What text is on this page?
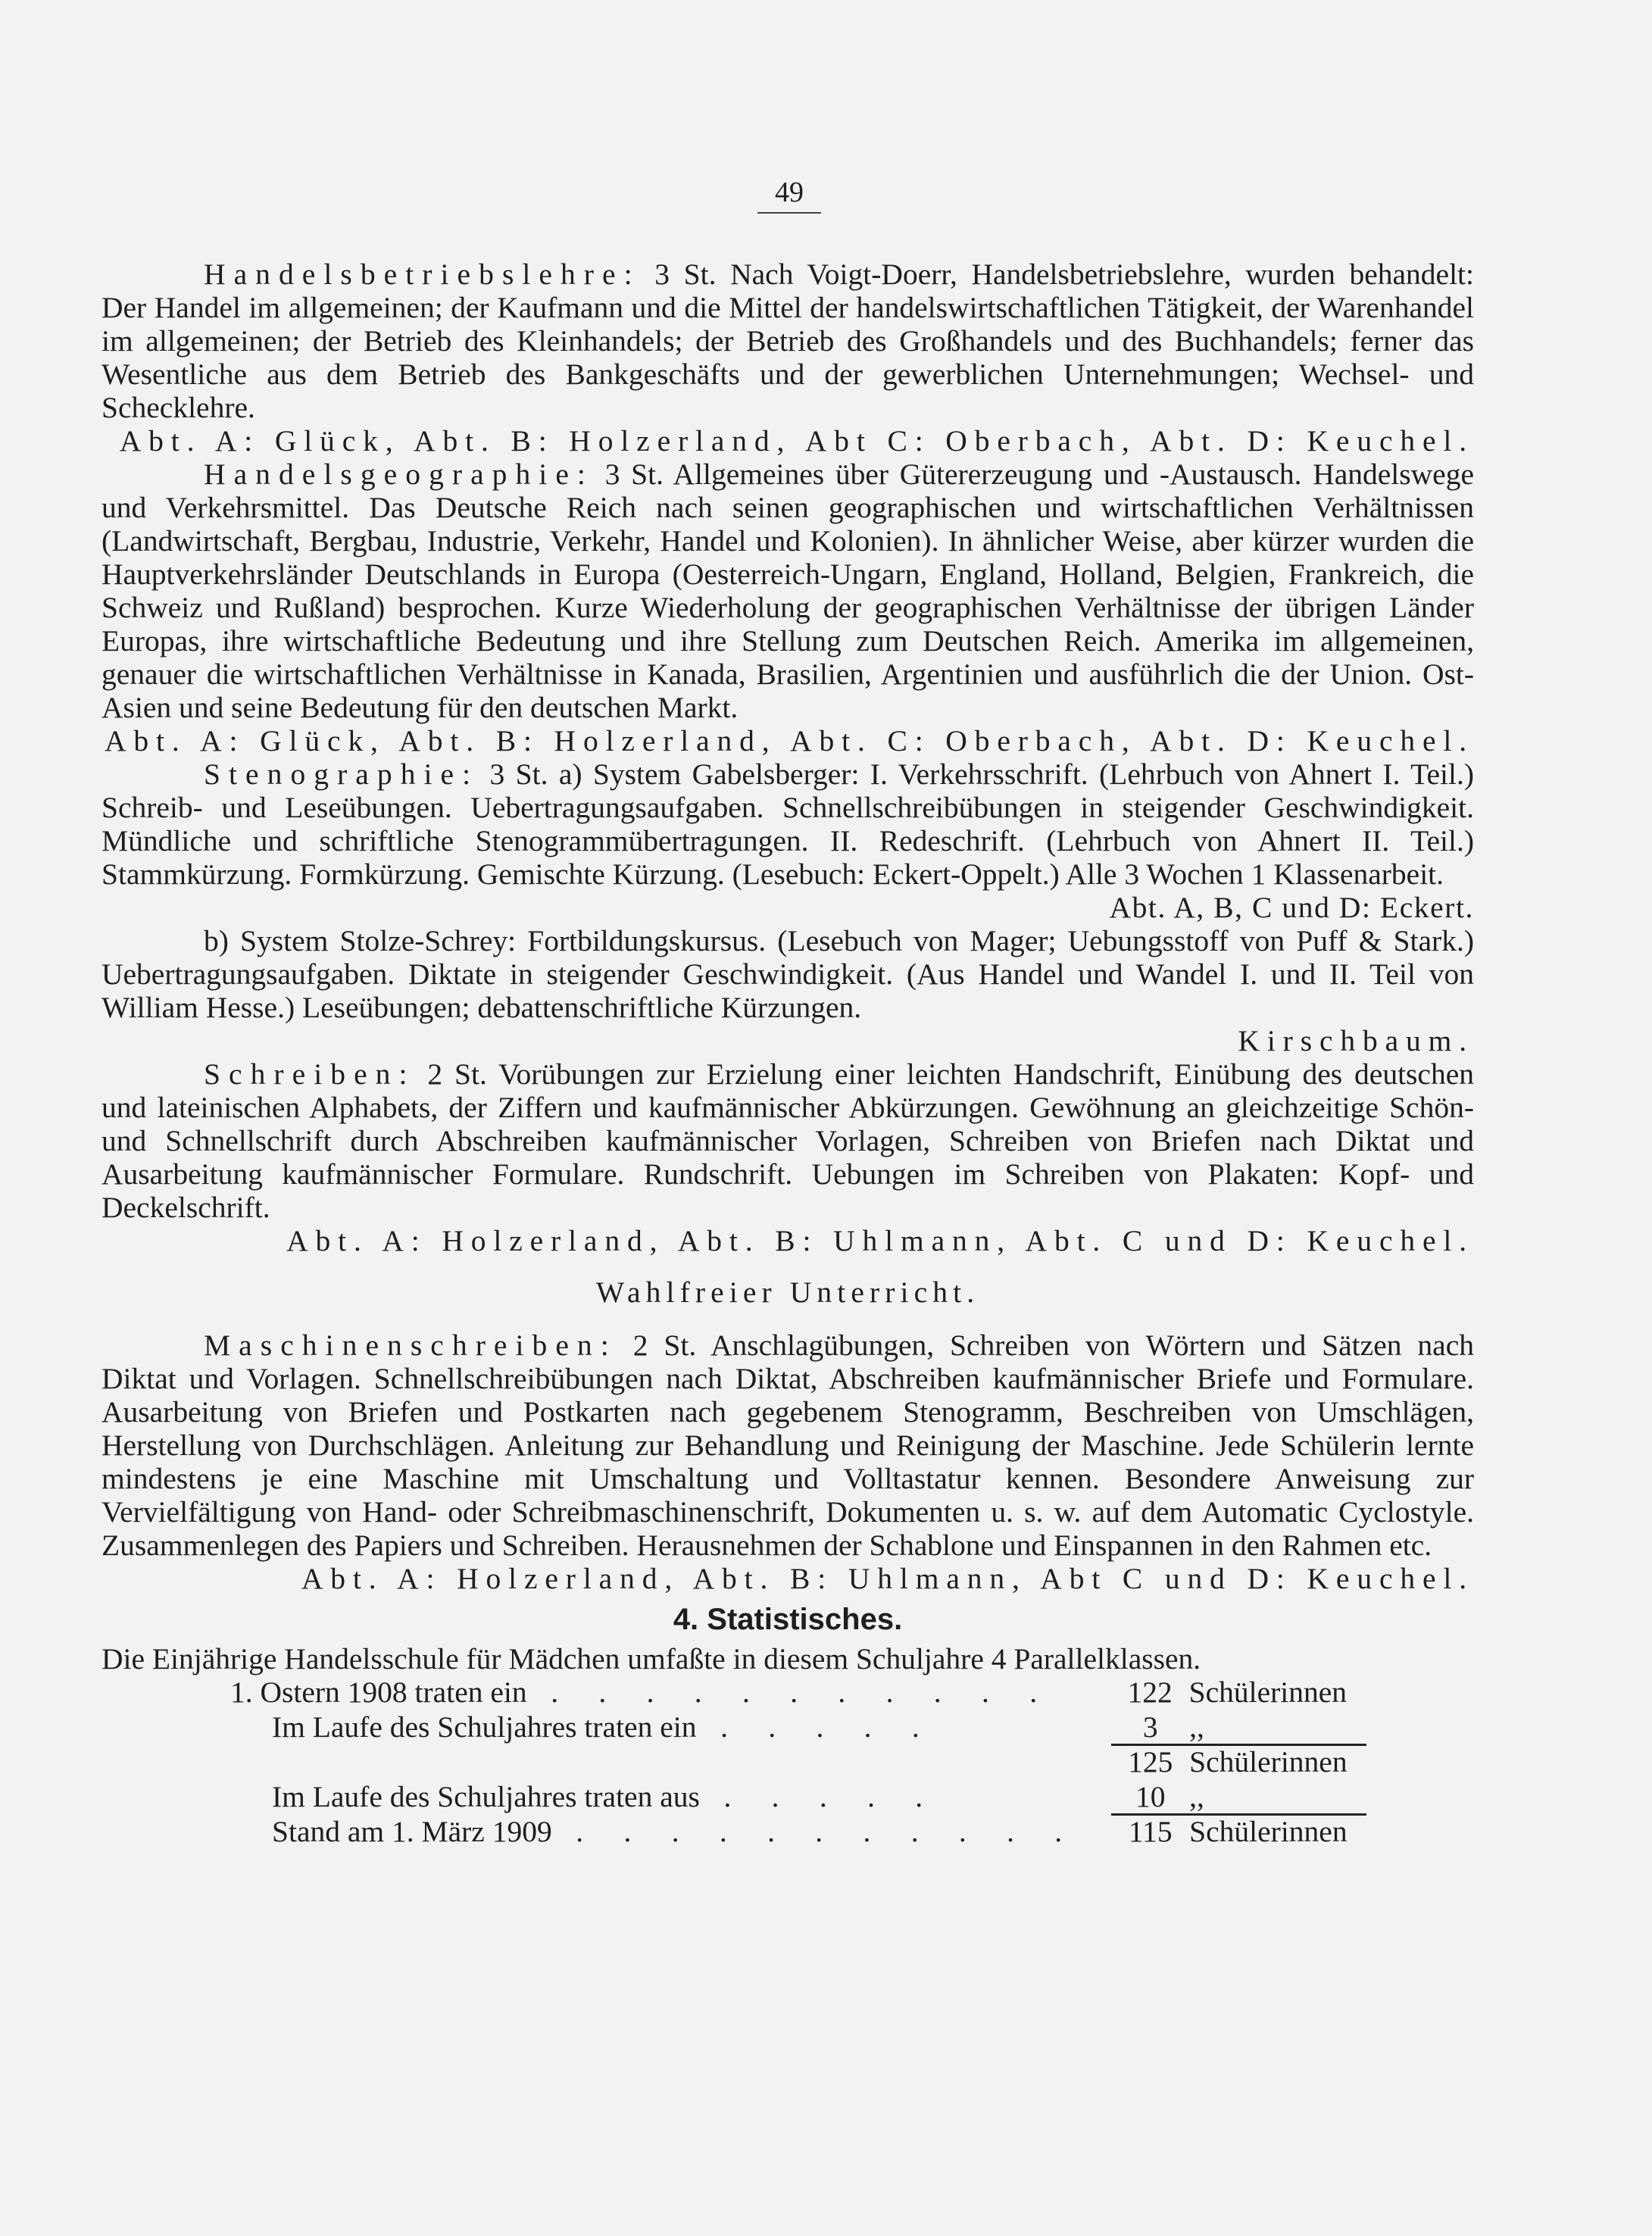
49

Handelsbetriebslehre: 3 St. Nach Voigt-Doerr, Handelsbetriebslehre, wurden behandelt: Der Handel im allgemeinen; der Kaufmann und die Mittel der handelswirtschaftlichen Tätigkeit, der Warenhandel im allgemeinen; der Betrieb des Kleinhandels; der Betrieb des Großhandels und des Buchhandels; ferner das Wesentliche aus dem Betrieb des Bankgeschäfts und der gewerblichen Unternehmungen; Wechsel- und Schecklehre.

Abt. A: Glück, Abt. B: Holzerland, Abt C: Oberbach, Abt. D: Keuchel.

Handelsgeographie: 3 St. Allgemeines über Gütererzeugung und -Austausch. Handelswege und Verkehrsmittel. Das Deutsche Reich nach seinen geographischen und wirtschaftlichen Verhältnissen (Landwirtschaft, Bergbau, Industrie, Verkehr, Handel und Kolonien). In ähnlicher Weise, aber kürzer wurden die Hauptverkehrsländer Deutschlands in Europa (Oesterreich-Ungarn, England, Holland, Belgien, Frankreich, die Schweiz und Rußland) besprochen. Kurze Wiederholung der geographischen Verhältnisse der übrigen Länder Europas, ihre wirtschaftliche Bedeutung und ihre Stellung zum Deutschen Reich. Amerika im allgemeinen, genauer die wirtschaftlichen Verhältnisse in Kanada, Brasilien, Argentinien und ausführlich die der Union. Ost-Asien und seine Bedeutung für den deutschen Markt.

Abt. A: Glück, Abt. B: Holzerland, Abt. C: Oberbach, Abt. D: Keuchel.

Stenographie: 3 St. a) System Gabelsberger: I. Verkehrsschrift. (Lehrbuch von Ahnert I. Teil.) Schreib- und Leseübungen. Uebertragungsaufgaben. Schnellschreibübungen in steigender Geschwindigkeit. Mündliche und schriftliche Stenogrammübertragungen. II. Redeschrift. (Lehrbuch von Ahnert II. Teil.) Stammkürzung. Formkürzung. Gemischte Kürzung. (Lesebuch: Eckert-Oppelt.) Alle 3 Wochen 1 Klassenarbeit.

Abt. A, B, C und D: Eckert.

b) System Stolze-Schrey: Fortbildungskursus. (Lesebuch von Mager; Uebungsstoff von Puff & Stark.) Uebertragungsaufgaben. Diktate in steigender Geschwindigkeit. (Aus Handel und Wandel I. und II. Teil von William Hesse.) Leseübungen; debattenschriftliche Kürzungen.

Kirschbaum.

Schreiben: 2 St. Vorübungen zur Erzielung einer leichten Handschrift, Einübung des deutschen und lateinischen Alphabets, der Ziffern und kaufmännischer Abkürzungen. Gewöhnung an gleichzeitige Schön- und Schnellschrift durch Abschreiben kaufmännischer Vorlagen, Schreiben von Briefen nach Diktat und Ausarbeitung kaufmännischer Formulare. Rundschrift. Uebungen im Schreiben von Plakaten: Kopf- und Deckelschrift.

Abt. A: Holzerland, Abt. B: Uhlmann, Abt. C und D: Keuchel.

Wahlfreier Unterricht.

Maschinenschreiben: 2 St. Anschlagübungen, Schreiben von Wörtern und Sätzen nach Diktat und Vorlagen. Schnellschreibübungen nach Diktat, Abschreiben kaufmännischer Briefe und Formulare. Ausarbeitung von Briefen und Postkarten nach gegebenem Stenogramm, Beschreiben von Umschlägen, Herstellung von Durchschlägen. Anleitung zur Behandlung und Reinigung der Maschine. Jede Schülerin lernte mindestens je eine Maschine mit Umschaltung und Volltastatur kennen. Besondere Anweisung zur Vervielfältigung von Hand- oder Schreibmaschinenschrift, Dokumenten u. s. w. auf dem Automatic Cyclostyle. Zusammenlegen des Papiers und Schreiben. Herausnehmen der Schablone und Einspannen in den Rahmen etc.

Abt. A: Holzerland, Abt. B: Uhlmann, Abt C und D: Keuchel.

4. Statistisches.

Die Einjährige Handelsschule für Mädchen umfaßte in diesem Schuljahre 4 Parallelklassen.

1. Ostern 1908 traten ein . . . . . . . . . . .	122 Schülerinnen
Im Laufe des Schuljahres traten ein . . . . .	3	,,
125 Schülerinnen
Im Laufe des Schuljahres traten aus . . . . .	10 ,,
Stand am 1. März 1909 . . . . . . . . . . .	115 Schülerinnen
